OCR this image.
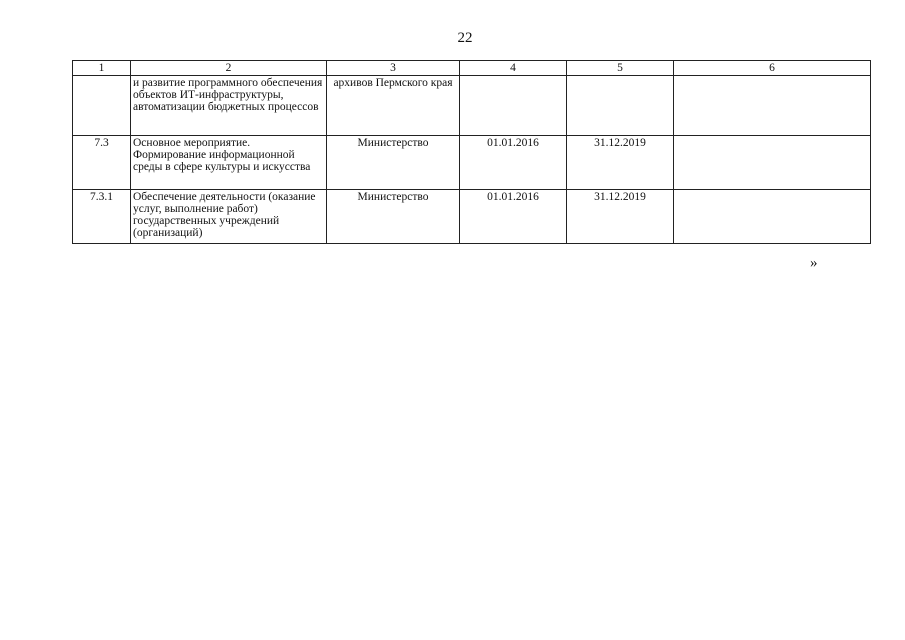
22
1	2	3	4	5	6
	и развитие программного обеспечения объектов ИТ-инфраструктуры, автоматизации бюджетных процессов	архивов Пермского края			
7.3	Основное мероприятие. Формирование информационной среды в сфере культуры и искусства	Министерство	01.01.2016	31.12.2019	
7.3.1	Обеспечение деятельности (оказание услуг, выполнение работ) государственных учреждений (организаций)	Министерство	01.01.2016	31.12.2019	
»
